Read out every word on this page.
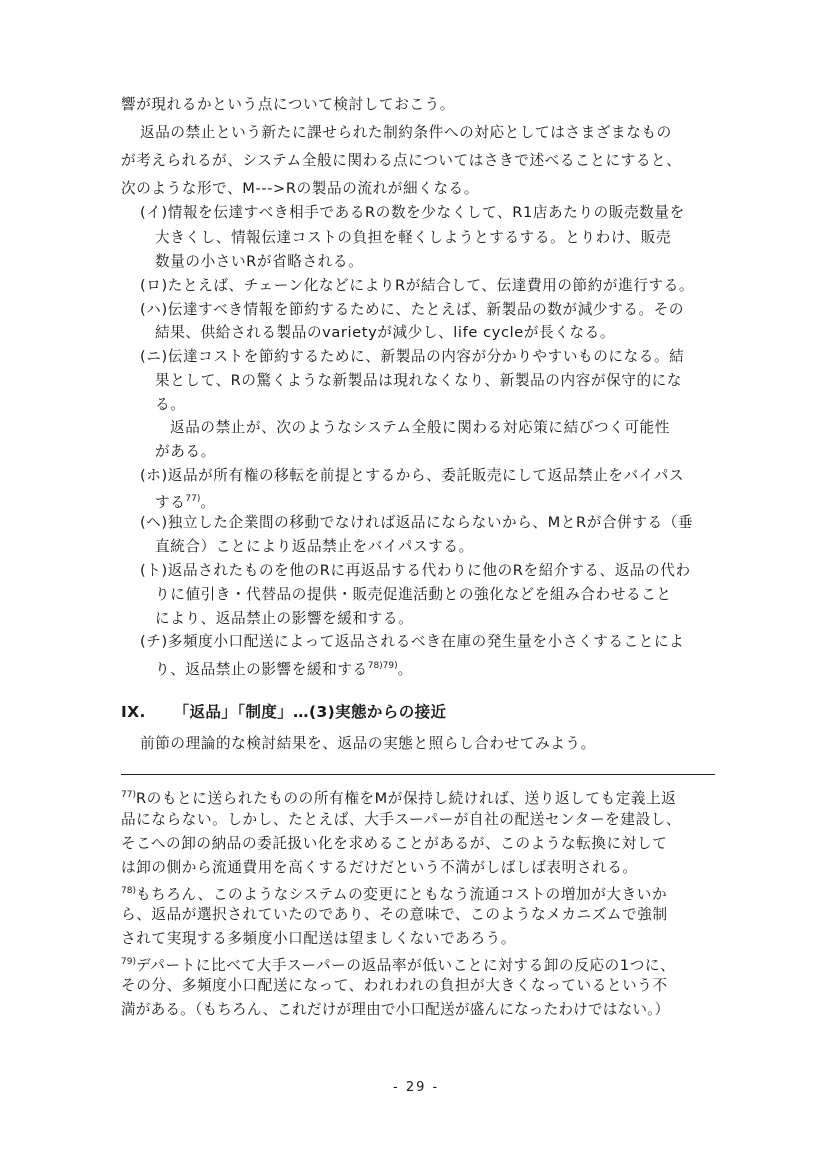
響が現れるかという点について検討しておこう。
返品の禁止という新たに課せられた制約条件への対応としてはさまざまなもの
が考えられるが、システム全般に関わる点についてはさきで述べることにすると、
次のような形で、M--->Rの製品の流れが細くなる。
(イ)情報を伝達すべき相手であるRの数を少なくして、R1店あたりの販売数量を
大きくし、情報伝達コストの負担を軽くしようとするする。とりわけ、販売
数量の小さいRが省略される。
(ロ)たとえば、チェーン化などによりRが結合して、伝達費用の節約が進行する。
(ハ)伝達すべき情報を節約するために、たとえば、新製品の数が減少する。その
結果、供給される製品のvarietyが減少し、life cycleが長くなる。
(ニ)伝達コストを節約するために、新製品の内容が分かりやすいものになる。結
果として、Rの驚くような新製品は現れなくなり、新製品の内容が保守的にな
る。
返品の禁止が、次のようなシステム全般に関わる対応策に結びつく可能性
がある。
(ホ)返品が所有権の移転を前提とするから、委託販売にして返品禁止をバイパス
する$^{77)}$。
(ヘ)独立した企業間の移動でなければ返品にならないから、MとRが合併する（垂
直統合）ことにより返品禁止をバイパスする。
(ト)返品されたものを他のRに再返品する代わりに他のRを紹介する、返品の代わ
りに値引き・代替品の提供・販売促進活動との強化などを組み合わせること
により、返品禁止の影響を緩和する。
(チ)多頻度小口配送によって返品されるべき在庫の発生量を小さくすることによ
り、返品禁止の影響を緩和する$^{78)79)}$。
IX. 「返品」「制度」…(3)実態からの接近
前節の理論的な検討結果を、返品の実態と照らし合わせてみよう。
$^{77)}$Rのもとに送られたものの所有権をMが保持し続ければ、送り返しても定義上返
品にならない。しかし、たとえば、大手スーパーが自社の配送センターを建設し、
そこへの卸の納品の委託扱い化を求めることがあるが、このような転換に対して
は卸の側から流通費用を高くするだけだという不満がしばしば表明される。
$^{78)}$もちろん、このようなシステムの変更にともなう流通コストの増加が大きいか
ら、返品が選択されていたのであり、その意味で、このようなメカニズムで強制
されて実現する多頻度小口配送は望ましくないであろう。
$^{79)}$デパートに比べて大手スーパーの返品率が低いことに対する卸の反応の1つに、
その分、多頻度小口配送になって、われわれの負担が大きくなっているという不
満がある。（もちろん、これだけが理由で小口配送が盛んになったわけではない。）
- 29 -
